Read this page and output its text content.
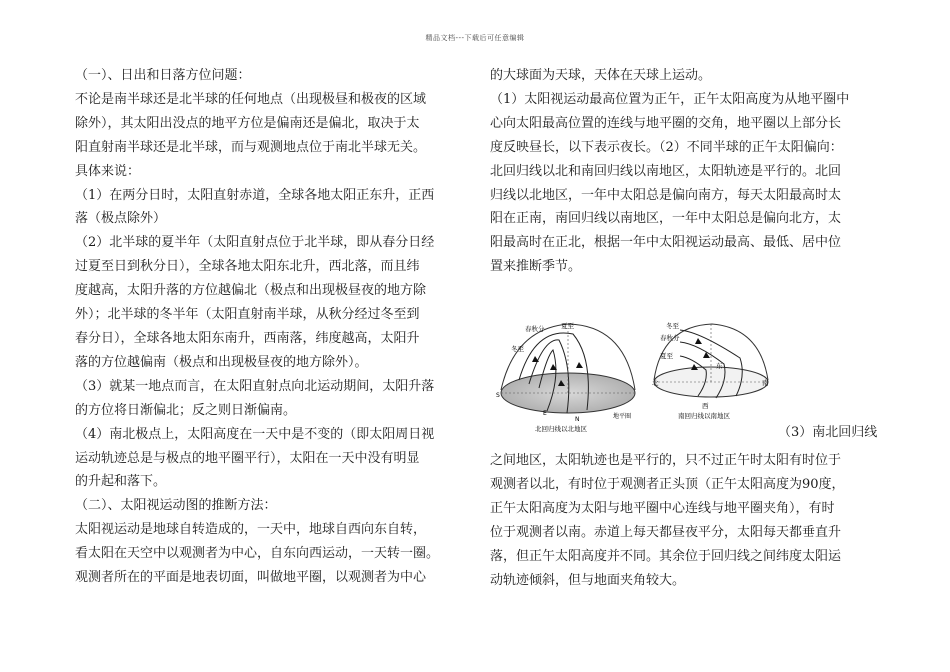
精品文档---下载后可任意编辑

（一）、日出和日落方位问题：

不论是南半球还是北半球的任何地点（出现极昼和极夜的区域

除外），其太阳出没点的地平方位是偏南还是偏北，取决于太

阳直射南半球还是北半球，而与观测地点位于南北半球无关。

具体来说：

（1）在两分日时，太阳直射赤道，全球各地太阳正东升，正西

落（极点除外）

（2）北半球的夏半年（太阳直射点位于北半球，即从春分日经

过夏至日到秋分日），全球各地太阳东北升，西北落，而且纬

度越高，太阳升落的方位越偏北（极点和出现极昼夜的地方除

外）；北半球的冬半年（太阳直射南半球，从秋分经过冬至到

春分日），全球各地太阳东南升，西南落，纬度越高，太阳升

落的方位越偏南（极点和出现极昼夜的地方除外）。

（3）就某一地点而言，在太阳直射点向北运动期间，太阳升落

的方位将日渐偏北；反之则日渐偏南。

（4）南北极点上，太阳高度在一天中是不变的（即太阳周日视

运动轨迹总是与极点的地平圈平行），太阳在一天中没有明显

的升起和落下。

（二）、太阳视运动图的推断方法：

太阳视运动是地球自转造成的，一天中，地球自西向东自转，

看太阳在天空中以观测者为中心，自东向西运动，一天转一圈。

观测者所在的平面是地表切面，叫做地平圈，以观测者为中心

的大球面为天球，天体在天球上运动。

（1）太阳视运动最高位置为正午，正午太阳高度为从地平圈中

心向太阳最高位置的连线与地平圈的交角，地平圈以上部分长

度反映昼长，以下表示夜长。（2）不同半球的正午太阳偏向：

北回归线以北和南回归线以南地区，太阳轨迹是平行的。北回

归线以北地区，一年中太阳总是偏向南方，每天太阳最高时太

阳在正南，南回归线以南地区，一年中太阳总是偏向北方，太

阳最高时在正北，根据一年中太阳视运动最高、最低、居中位

置来推断季节。

春秋分	夏至
冬至
S
E
N	地平圈
北回归线以北地区
冬至
春秋分
夏至
东
北	南
西
南回归线以南地区
（3）南北回归线

之间地区，太阳轨迹也是平行的，只不过正午时太阳有时位于

观测者以北，有时位于观测者正头顶（正午太阳高度为90度，

正午太阳高度为太阳与地平圈中心连线与地平圈夹角），有时

位于观测者以南。赤道上每天都昼夜平分，太阳每天都垂直升

落，但正午太阳高度并不同。其余位于回归线之间纬度太阳运

动轨迹倾斜，但与地面夹角较大。
